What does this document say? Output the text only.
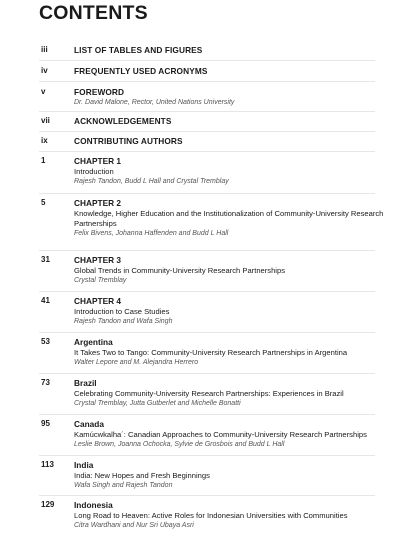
CONTENTS
iii	LIST OF TABLES AND FIGURES
iv	FREQUENTLY USED ACRONYMS
v	FOREWORD
Dr. David Malone, Rector, United Nations University
vii	ACKNOWLEDGEMENTS
ix	CONTRIBUTING AUTHORS
1	CHAPTER 1
Introduction
Rajesh Tandon, Budd L Hall and Crystal Tremblay
5	CHAPTER 2
Knowledge, Higher Education and the Institutionalization of Community-University Research Partnerships
Felix Bivens, Johanna Haffenden and Budd L Hall
31	CHAPTER 3
Global Trends in Community-University Research Partnerships
Crystal Tremblay
41	CHAPTER 4
Introduction to Case Studies
Rajesh Tandon and Wafa Singh
53	Argentina
It Takes Two to Tango: Community-University Research Partnerships in Argentina
Walter Lepore and M. Alejandra Herrero
73	Brazil
Celebrating Community-University Research Partnerships: Experiences in Brazil
Crystal Tremblay, Jutta Gutberlet and Michelle Bonatti
95	Canada
Kamúcwkalha´: Canadian Approaches to Community-University Research Partnerships
Leslie Brown, Joanna Ochocka, Sylvie de Grosbois and Budd L Hall
113 India
India: New Hopes and Fresh Beginnings
Wafa Singh and Rajesh Tandon
129 Indonesia
Long Road to Heaven: Active Roles for Indonesian Universities with Communities
Citra Wardhani and Nur Sri Ubaya Asri
